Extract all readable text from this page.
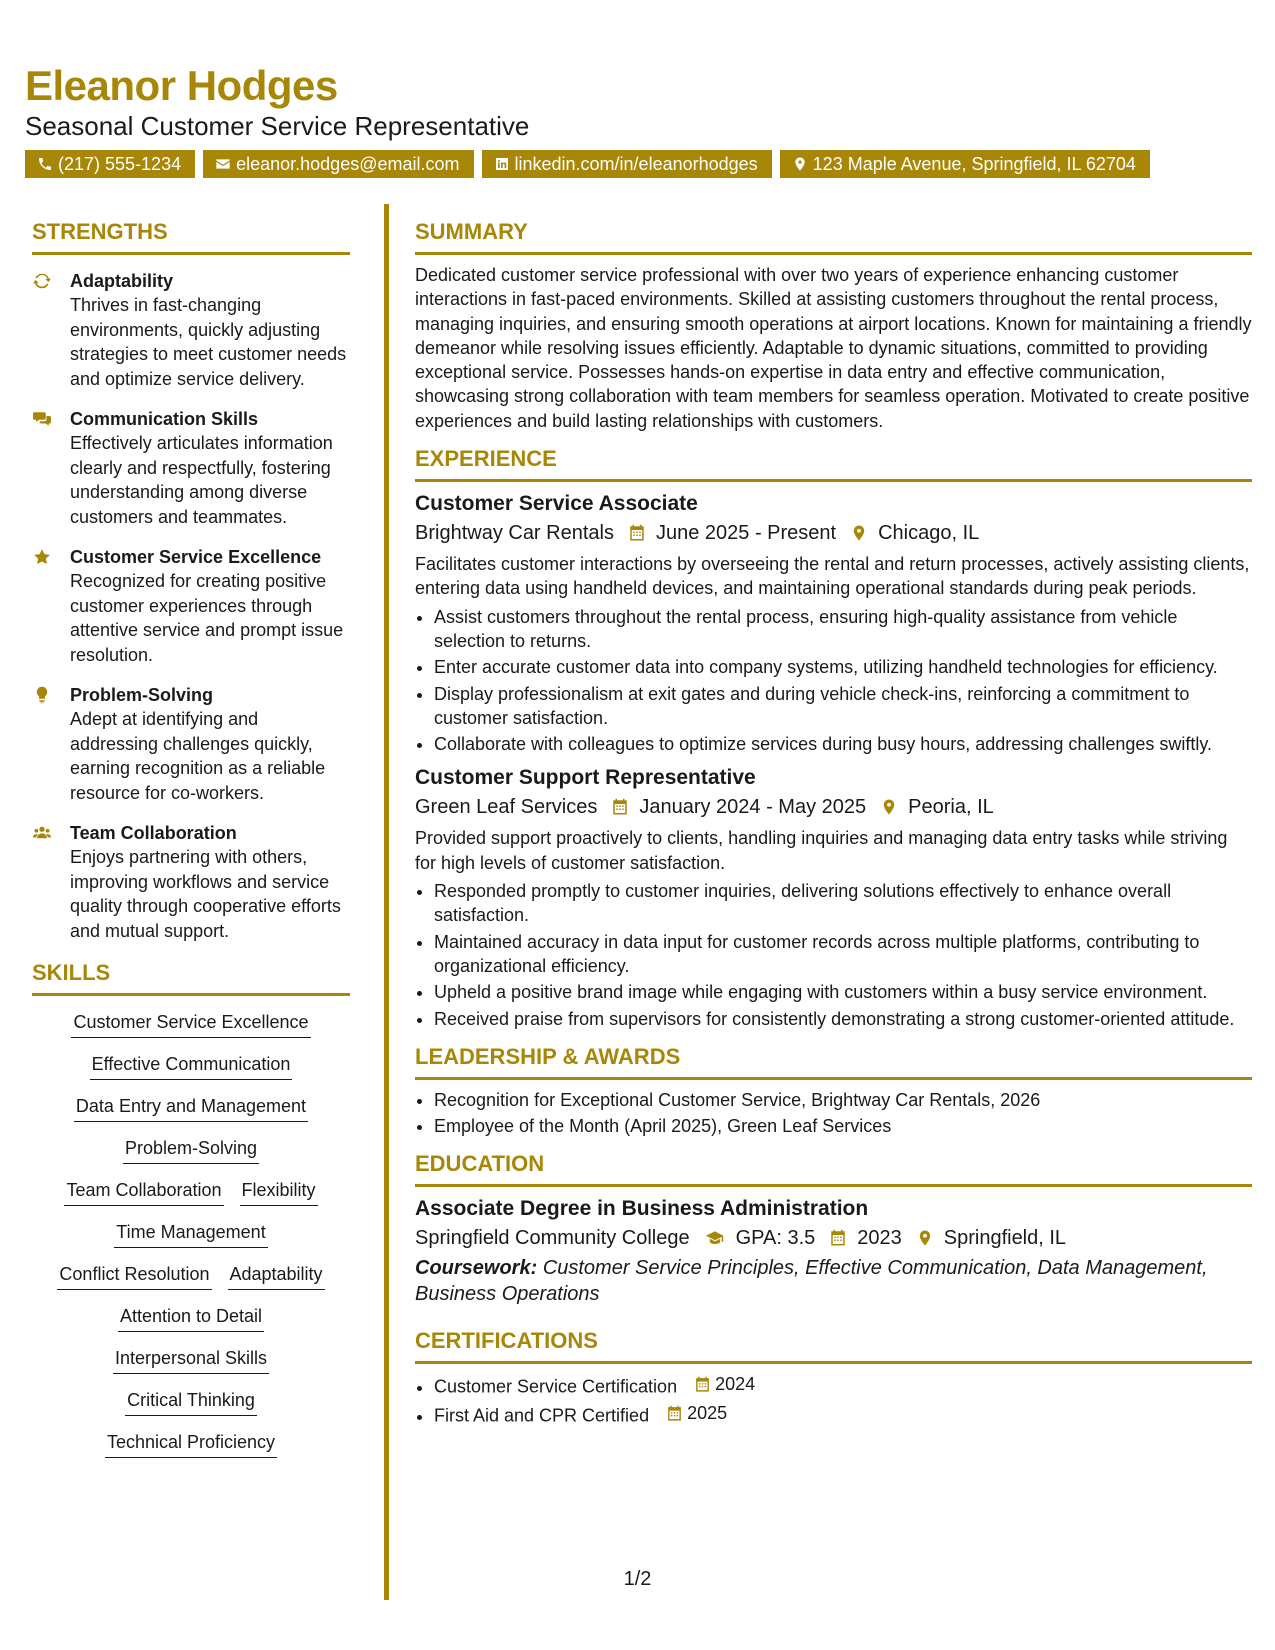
Eleanor Hodges
Seasonal Customer Service Representative
(217) 555-1234	eleanor.hodges@email.com	linkedin.com/in/eleanorhodges	123 Maple Avenue, Springfield, IL 62704
STRENGTHS
Adaptability
Thrives in fast-changing environments, quickly adjusting strategies to meet customer needs and optimize service delivery.
Communication Skills
Effectively articulates information clearly and respectfully, fostering understanding among diverse customers and teammates.
Customer Service Excellence
Recognized for creating positive customer experiences through attentive service and prompt issue resolution.
Problem-Solving
Adept at identifying and addressing challenges quickly, earning recognition as a reliable resource for co-workers.
Team Collaboration
Enjoys partnering with others, improving workflows and service quality through cooperative efforts and mutual support.
SKILLS
Customer Service Excellence
Effective Communication
Data Entry and Management
Problem-Solving
Team Collaboration Flexibility
Time Management
Conflict Resolution Adaptability
Attention to Detail
Interpersonal Skills
Critical Thinking
Technical Proficiency
SUMMARY
Dedicated customer service professional with over two years of experience enhancing customer interactions in fast-paced environments. Skilled at assisting customers throughout the rental process, managing inquiries, and ensuring smooth operations at airport locations. Known for maintaining a friendly demeanor while resolving issues efficiently. Adaptable to dynamic situations, committed to providing exceptional service. Possesses hands-on expertise in data entry and effective communication, showcasing strong collaboration with team members for seamless operation. Motivated to create positive experiences and build lasting relationships with customers.
EXPERIENCE
Customer Service Associate
Brightway Car Rentals June 2025 - Present Chicago, IL
Facilitates customer interactions by overseeing the rental and return processes, actively assisting clients, entering data using handheld devices, and maintaining operational standards during peak periods.
• Assist customers throughout the rental process, ensuring high-quality assistance from vehicle selection to returns.
• Enter accurate customer data into company systems, utilizing handheld technologies for efficiency.
• Display professionalism at exit gates and during vehicle check-ins, reinforcing a commitment to customer satisfaction.
• Collaborate with colleagues to optimize services during busy hours, addressing challenges swiftly.
Customer Support Representative
Green Leaf Services January 2024 - May 2025 Peoria, IL
Provided support proactively to clients, handling inquiries and managing data entry tasks while striving for high levels of customer satisfaction.
• Responded promptly to customer inquiries, delivering solutions effectively to enhance overall satisfaction.
• Maintained accuracy in data input for customer records across multiple platforms, contributing to organizational efficiency.
• Upheld a positive brand image while engaging with customers within a busy service environment.
• Received praise from supervisors for consistently demonstrating a strong customer-oriented attitude.
LEADERSHIP & AWARDS
• Recognition for Exceptional Customer Service, Brightway Car Rentals, 2026
• Employee of the Month (April 2025), Green Leaf Services
EDUCATION
Associate Degree in Business Administration
Springfield Community College GPA: 3.5 2023 Springfield, IL
Coursework: Customer Service Principles, Effective Communication, Data Management, Business Operations
CERTIFICATIONS
• Customer Service Certification 2024
• First Aid and CPR Certified 2025
1/2
